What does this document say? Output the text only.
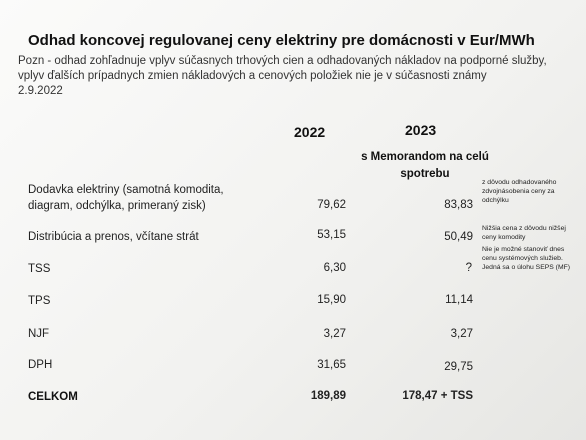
Odhad koncovej regulovanej ceny elektriny pre domácnosti v Eur/MWh
Pozn - odhad zohľadnuje vplyv súčasnych trhových cien a odhadovaných nákladov na podporné služby,
vplyv ďalších prípadnych zmien nákladových a cenových položiek nie je v súčasnosti známy
2.9.2022
2022	2023
s Memorandom na celú spotrebu
Dodavka elektriny (samotná komodita,
diagram, odchýlka, primeraný zisk)	79,62	83,83
Distribúcia a prenos, včítane strát	53,15	50,49
TSS	6,30	?
TPS	15,90	11,14
NJF	3,27	3,27
DPH	31,65	29,75
CELKOM	189,89	178,47 + TSS
z dôvodu odhadovaného
zdvojnásobenia ceny za
odchýlku
Nižšia cena z dôvodu nižšej
ceny komodity
Nie je možné stanoviť dnes
cenu systémových služieb.
Jedná sa o úlohu SEPS (MF)
